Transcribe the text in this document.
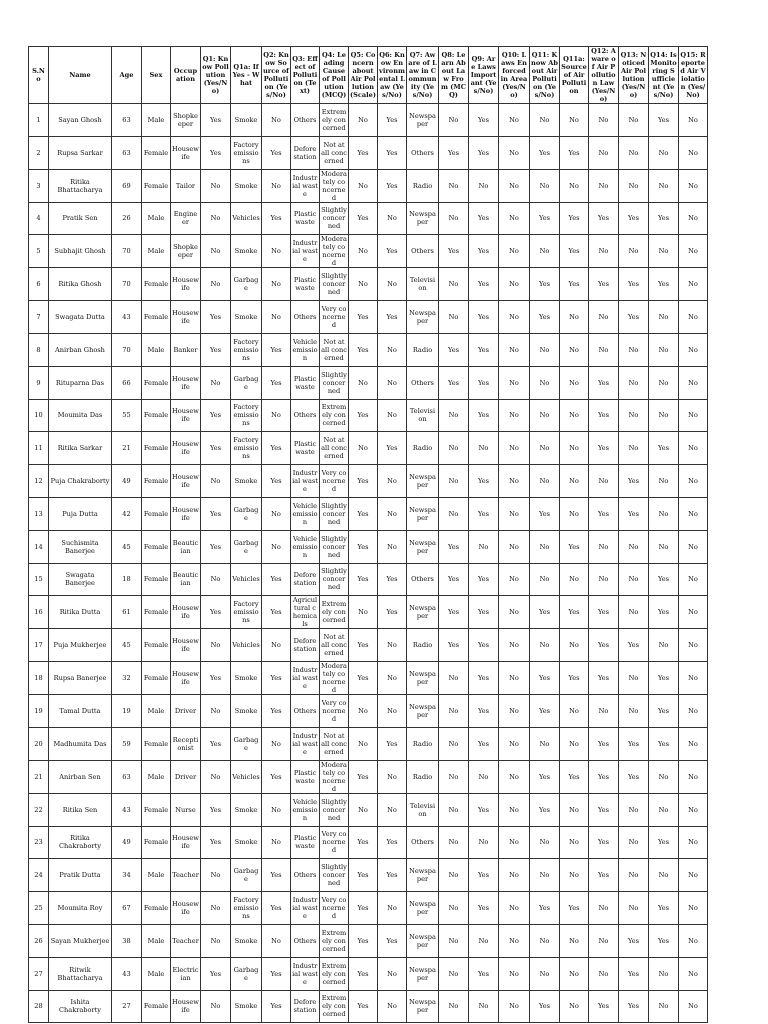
S.No	Name	Age	Sex	Occupation	Q1: Know Pollution (Yes/No)	Q1a: If Yes - What	Q2: Know Source of Pollution (Yes/No)	Q3: Effect of Pollution (Text)	Q4: Leading Cause of Pollution (MCQ)	Q5: Concern about Air Pollution (Scale)	Q6: Know Environmental Law (Yes/No)	Q7: Aware of Law in Community (Yes/No)	Q8: Learn About Law From (MCQ)	Q9: Are Laws Important (Yes/No)	Q10: Laws Enforced in Area (Yes/No)	Q11: Know About Air Pollution (Yes/No)	Q11a: Source of Air Pollution	Q12: Aware of Air Pollution Law (Yes/No)	Q13: Noticed Air Pollution (Yes/No)	Q14: Is Monitoring Sufficient (Yes/No)	Q15: Reported Air Violation (Yes/No)
1	Sayan Ghosh	63	Male	Shopkeeper	Yes	Smoke	No	Others	Extremely concerned	No	Yes	Newspaper	No	Yes	No	No	No	No	No	Yes	No
2	Rupsa Sarkar	63	Female	Housewife	Yes	Factory emissions	Yes	Deforestation	Not at all concerned	Yes	Yes	Others	Yes	Yes	No	Yes	Yes	No	No	No	No
3	Ritika Bhattacharya	69	Female	Tailor	No	Smoke	No	Industrial waste	Moderately concerned	No	Yes	Radio	No	No	No	No	No	No	No	No	No
4	Pratik Sen	26	Male	Engineer	No	Vehicles	Yes	Plastic waste	Slightly concerned	Yes	No	Newspaper	No	Yes	No	Yes	Yes	Yes	Yes	Yes	No
5	Subhajit Ghosh	70	Male	Shopkeeper	No	Smoke	No	Industrial waste	Moderately concerned	No	Yes	Others	Yes	Yes	No	No	Yes	No	No	No	No
6	Ritika Ghosh	70	Female	Housewife	No	Garbage	No	Plastic waste	Slightly concerned	No	No	Television	No	Yes	No	Yes	Yes	Yes	Yes	Yes	No
7	Swagata Dutta	43	Female	Housewife	Yes	Smoke	No	Others	Very concerned	Yes	Yes	Newspaper	No	Yes	No	Yes	No	No	Yes	No	No
8	Anirban Ghosh	70	Male	Banker	Yes	Factory emissions	Yes	Vehicle emission	Not at all concerned	Yes	No	Radio	Yes	Yes	No	No	No	No	No	No	No
9	Rituparna Das	66	Female	Housewife	No	Garbage	Yes	Plastic waste	Slightly concerned	No	No	Others	Yes	Yes	No	No	No	Yes	No	No	No
10	Moumita Das	55	Female	Housewife	Yes	Factory emissions	No	Others	Extremely concerned	Yes	No	Television	No	Yes	No	No	No	Yes	No	No	No
11	Ritika Sarkar	21	Female	Housewife	Yes	Factory emissions	Yes	Plastic waste	Not at all concerned	No	Yes	Radio	No	No	No	No	No	Yes	No	Yes	No
12	Puja Chakraborty	49	Female	Housewife	No	Smoke	Yes	Industrial waste	Very concerned	Yes	No	Newspaper	No	Yes	No	No	No	No	Yes	No	No
13	Puja Dutta	42	Female	Housewife	Yes	Garbage	No	Vehicle emission	Slightly concerned	Yes	No	Newspaper	No	Yes	No	Yes	No	Yes	Yes	No	No
14	Suchismita Banerjee	45	Female	Beautician	Yes	Garbage	No	Vehicle emission	Slightly concerned	Yes	No	Newspaper	Yes	No	No	No	Yes	No	No	No	No
15	Swagata Banerjee	18	Female	Beautician	No	Vehicles	Yes	Deforestation	Slightly concerned	Yes	Yes	Others	Yes	Yes	No	No	No	No	No	Yes	No
16	Ritika Dutta	61	Female	Housewife	Yes	Factory emissions	Yes	Agricultural chemicals	Extremely concerned	No	Yes	Newspaper	Yes	Yes	No	Yes	Yes	Yes	No	Yes	No
17	Puja Mukherjee	45	Female	Housewife	No	Vehicles	No	Deforestation	Not at all concerned	Yes	No	Radio	Yes	Yes	No	No	No	Yes	Yes	No	No
18	Rupsa Banerjee	32	Female	Housewife	Yes	Smoke	Yes	Industrial waste	Moderately concerned	Yes	No	Newspaper	No	Yes	No	Yes	Yes	Yes	No	Yes	No
19	Tamal Dutta	19	Male	Driver	No	Smoke	Yes	Others	Very concerned	No	No	Newspaper	No	Yes	No	Yes	No	No	No	Yes	No
20	Madhumita Das	59	Female	Receptionist	Yes	Garbage	No	Industrial waste	Not at all concerned	No	Yes	Radio	No	Yes	No	No	No	Yes	Yes	Yes	No
21	Anirban Sen	63	Male	Driver	No	Vehicles	Yes	Plastic waste	Moderately concerned	Yes	No	Radio	No	No	No	Yes	Yes	Yes	Yes	No	No
22	Ritika Sen	43	Female	Nurse	Yes	Smoke	No	Vehicle emission	Slightly concerned	No	No	Television	No	Yes	No	Yes	No	Yes	No	No	No
23	Ritika Chakraborty	49	Female	Housewife	Yes	Smoke	No	Plastic waste	Very concerned	Yes	Yes	Others	No	No	No	No	No	Yes	No	Yes	No
24	Pratik Dutta	34	Male	Teacher	No	Garbage	Yes	Others	Slightly concerned	Yes	Yes	Newspaper	No	Yes	No	No	No	Yes	No	No	No
25	Moumita Roy	67	Female	Housewife	No	Factory emissions	Yes	Industrial waste	Very concerned	Yes	No	Newspaper	No	Yes	No	Yes	Yes	No	No	Yes	No
26	Sayan Mukherjee	38	Male	Teacher	No	Smoke	No	Others	Extremely concerned	Yes	Yes	Newspaper	No	No	No	No	No	No	Yes	Yes	No
27	Ritwik Bhattacharya	43	Male	Electrician	Yes	Garbage	Yes	Industrial waste	Extremely concerned	Yes	No	Newspaper	No	Yes	No	No	No	No	Yes	No	No
28	Ishita Chakraborty	27	Female	Housewife	No	Smoke	Yes	Deforestation	Extremely concerned	Yes	No	Newspaper	No	No	No	Yes	No	Yes	Yes	No	No
